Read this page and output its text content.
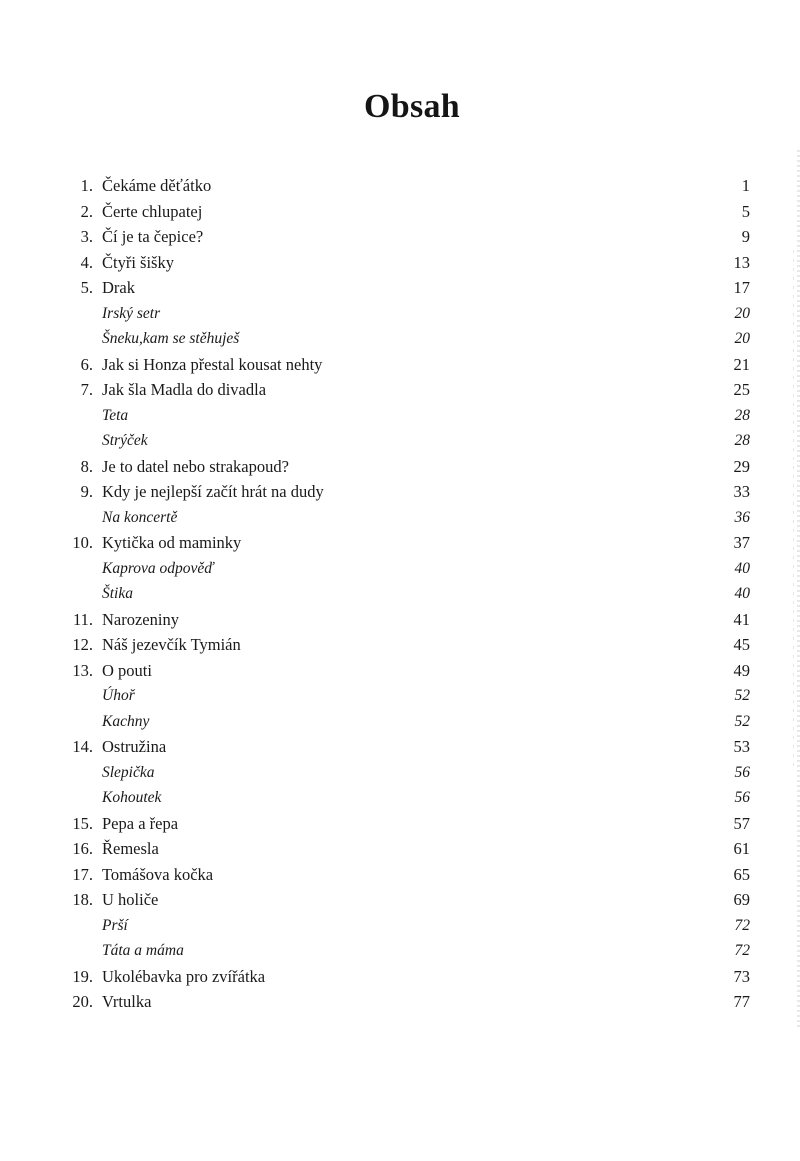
Obsah
1. Čekáme děťátko	1
2. Čerte chlupatej	5
3. Čí je ta čepice?	9
4. Čtyři šišky	13
5. Drak	17
Irský setr	20
Šneku,kam se stěhuješ	20
6. Jak si Honza přestal kousat nehty	21
7. Jak šla Madla do divadla	25
Teta	28
Strýček	28
8. Je to datel nebo strakapoud?	29
9. Kdy je nejlepší začít hrát na dudy	33
Na koncertě	36
10. Kytička od maminky	37
Kaprova odpověď	40
Štika	40
11. Narozeniny	41
12. Náš jezevčík Tymián	45
13. O pouti	49
Úhoř	52
Kachny	52
14. Ostružina	53
Slepička	56
Kohoutek	56
15. Pepa a řepa	57
16. Řemesla	61
17. Tomášova kočka	65
18. U holiče	69
Prší	72
Táta a máma	72
19. Ukolébavka pro zvířátka	73
20. Vrtulka	77
